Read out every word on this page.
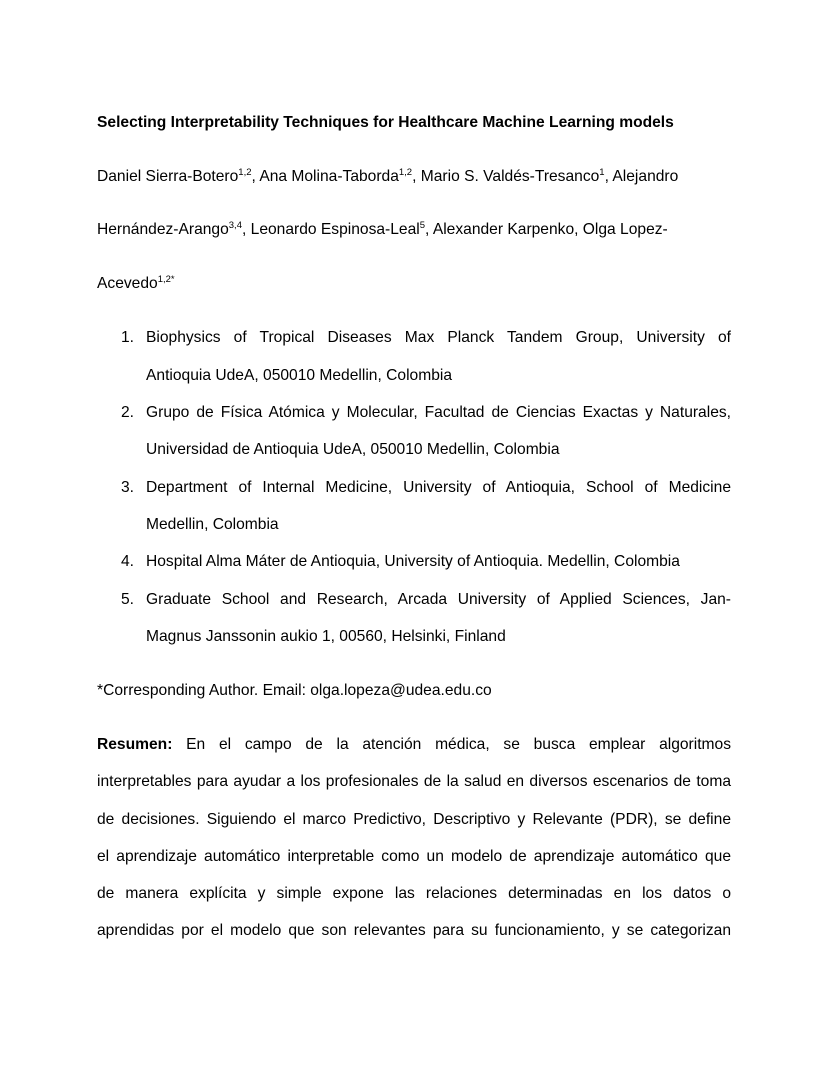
Selecting Interpretability Techniques for Healthcare Machine Learning models
Daniel Sierra-Botero$^{1,2}$, Ana Molina-Taborda$^{1,2}$, Mario S. Valdés-Tresanco$^1$, Alejandro
Hernández-Arango$^{3,4}$, Leonardo Espinosa-Leal$^5$, Alexander Karpenko, Olga Lopez-
Acevedo$^{1,2*}$
1. Biophysics of Tropical Diseases Max Planck Tandem Group, University of
Antioquia UdeA, 050010 Medellin, Colombia
2. Grupo de Física Atómica y Molecular, Facultad de Ciencias Exactas y Naturales,
Universidad de Antioquia UdeA, 050010 Medellin, Colombia
3. Department of Internal Medicine, University of Antioquia, School of Medicine
Medellin, Colombia
4. Hospital Alma Máter de Antioquia, University of Antioquia. Medellin, Colombia
5. Graduate School and Research, Arcada University of Applied Sciences, Jan-
Magnus Janssonin aukio 1, 00560, Helsinki, Finland
*Corresponding Author. Email: olga.lopeza@udea.edu.co
Resumen: En el campo de la atención médica, se busca emplear algoritmos
interpretables para ayudar a los profesionales de la salud en diversos escenarios de toma
de decisiones. Siguiendo el marco Predictivo, Descriptivo y Relevante (PDR), se define
el aprendizaje automático interpretable como un modelo de aprendizaje automático que
de manera explícita y simple expone las relaciones determinadas en los datos o
aprendidas por el modelo que son relevantes para su funcionamiento, y se categorizan
